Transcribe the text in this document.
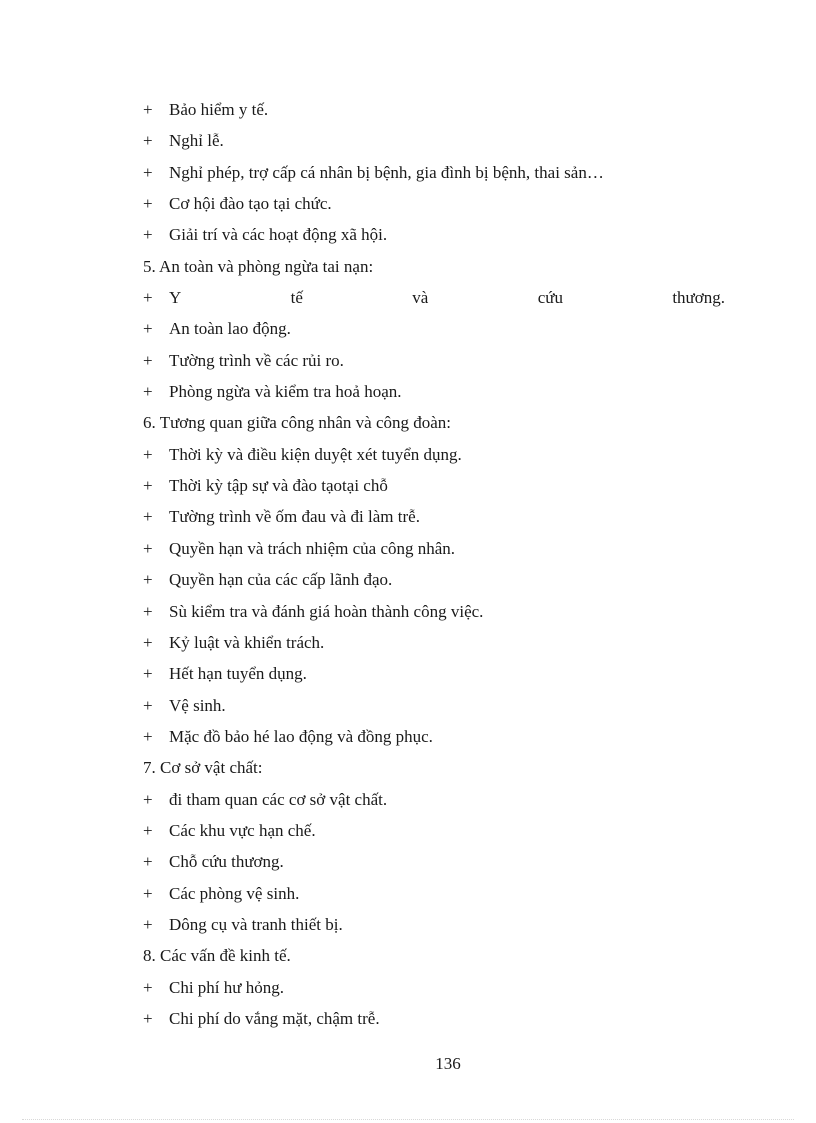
+ Bảo hiểm y tế.
+ Nghỉ lễ.
+ Nghỉ phép, trợ cấp cá nhân bị bệnh, gia đình bị bệnh, thai sản…
+ Cơ hội đào tạo tại chức.
+ Giải trí và các hoạt động xã hội.
5. An toàn và phòng ngừa tai nạn:
+ Y	tế	và	cứu	thương.
+ An toàn lao động.
+ Tường trình về các rủi ro.
+ Phòng ngừa và kiểm tra hoả hoạn.
6. Tương quan giữa công nhân và công đoàn:
+ Thời kỳ và điều kiện duyệt xét tuyển dụng.
+ Thời kỳ tập sự và đào tạotại chỗ
+ Tường trình về ốm đau và đi làm trễ.
+ Quyền hạn và trách nhiệm của công nhân.
+ Quyền hạn của các cấp lãnh đạo.
+ Sù kiểm tra và đánh giá hoàn thành công việc.
+ Kỷ luật và khiển trách.
+ Hết hạn tuyển dụng.
+ Vệ sinh.
+ Mặc đồ bảo hé lao động và đồng phục.
7. Cơ sở vật chất:
+ đi tham quan các cơ sở vật chất.
+ Các khu vực hạn chế.
+ Chỗ cứu thương.
+ Các phòng vệ sinh.
+ Dông cụ và tranh thiết bị.
8. Các vấn đề kinh tế.
+ Chi phí hư hỏng.
+ Chi phí do vắng mặt, chậm trễ.
136
